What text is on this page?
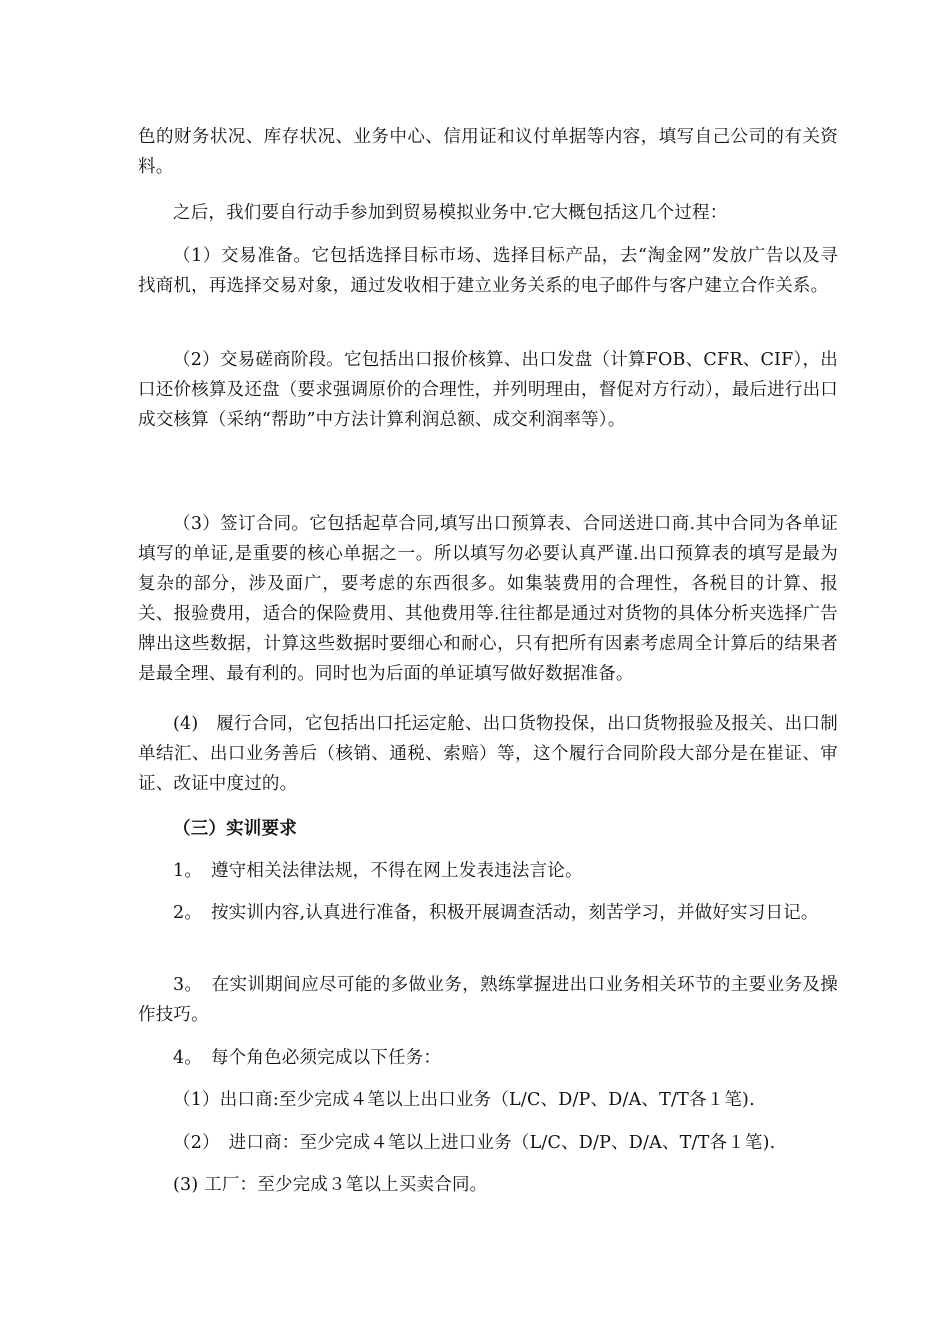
色的财务状况、库存状况、业务中心、信用证和议付单据等内容，填写自己公司的有关资料。

之后，我们要自行动手参加到贸易模拟业务中.它大概包括这几个过程：

（1）交易准备。它包括选择目标市场、选择目标产品，去“淘金网”发放广告以及寻找商机，再选择交易对象，通过发收相于建立业务关系的电子邮件与客户建立合作关系。

（2）交易磋商阶段。它包括出口报价核算、出口发盘（计算FOB、CFR、CIF），出口还价核算及还盘（要求强调原价的合理性，并列明理由，督促对方行动），最后进行出口成交核算（采纳“帮助”中方法计算利润总额、成交利润率等）。

（3）签订合同。它包括起草合同,填写出口预算表、合同送进口商.其中合同为各单证填写的单证,是重要的核心单据之一。所以填写勿必要认真严谨.出口预算表的填写是最为复杂的部分，涉及面广，要考虑的东西很多。如集装费用的合理性，各税目的计算、报关、报验费用，适合的保险费用、其他费用等.往往都是通过对货物的具体分析夹选择广告牌出这些数据，计算这些数据时要细心和耐心，只有把所有因素考虑周全计算后的结果者是最全理、最有利的。同时也为后面的单证填写做好数据准备。

(4)　履行合同，它包括出口托运定舱、出口货物投保，出口货物报验及报关、出口制单结汇、出口业务善后（核销、通税、索赔）等，这个履行合同阶段大部分是在崔证、审证、改证中度过的。

（三）实训要求

1。　遵守相关法律法规，不得在网上发表违法言论。

2。　按实训内容,认真进行准备，积极开展调查活动，刻苦学习，并做好实习日记。

3。　在实训期间应尽可能的多做业务，熟练掌握进出口业务相关环节的主要业务及操作技巧。

4。　每个角色必须完成以下任务：

（1）出口商:至少完成４笔以上出口业务（L/C、D/P、D/A、T/T各１笔).

（2）　进口商：至少完成４笔以上进口业务（L/C、D/P、D/A、T/T各１笔).

(3) 工厂：至少完成３笔以上买卖合同。
